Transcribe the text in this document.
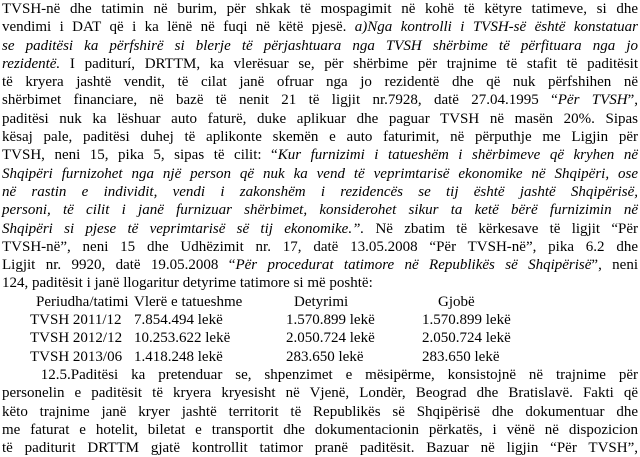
TVSH-në dhe tatimin në burim, për shkak të mospagimit në kohë të këtyre tatimeve, si dhe
vendimi i DAT që i ka lënë në fuqi në këtë pjesë. a)Nga kontrolli i TVSH-së është konstatuar
se paditësi ka përfshirë si blerje të përjashtuara nga TVSH shërbime të përfituara nga jo
rezidentë. I paditurí, DRTTM, ka vlerësuar se, për shërbime për trajnime të stafit të paditësit
të kryera jashtë vendit, të cilat janë ofruar nga jo rezidentë dhe që nuk përfshihen në
shërbimet financiare, në bazë të nenit 21 të ligjit nr.7928, datë 27.04.1995 “Për TVSH”,
paditësi nuk ka lëshuar auto faturë, duke aplikuar dhe paguar TVSH në masën 20%. Sipas
kësaj pale, paditësi duhej të aplikonte skemën e auto faturimit, në përputhje me Ligjin për
TVSH, neni 15, pika 5, sipas të cilit: “Kur furnizimi i tatueshëm i shërbimeve që kryhen në
Shqipëri furnizohet nga një person që nuk ka vend të veprimtarisë ekonomike në Shqipëri, ose
në rastin e individit, vendi i zakonshëm i rezidencës se tij është jashtë Shqipërisë,
personi, të cilit i janë furnizuar shërbimet, konsiderohet sikur ta ketë bërë furnizimin në
Shqipëri si pjese të veprimtarisë së tij ekonomike.”. Në zbatim të kërkesave të ligjit “Për
TVSH-në”, neni 15 dhe Udhëzimit nr. 17, datë 13.05.2008 “Për TVSH-në”, pika 6.2 dhe
Ligjit nr. 9920, datë 19.05.2008 “Për procedurat tatimore në Republikës së Shqipërisë”, neni
124, paditësit i janë llogaritur detyrime tatimore si më poshtë:
Periudha/tatimi Vlerë e tatueshme	Detyrimi	Gjobë
TVSH 2011/12 7.854.494 lekë	1.570.899 lekë	1.570.899 lekë
TVSH 2012/12 10.253.622 lekë	2.050.724 lekë	2.050.724 lekë
TVSH 2013/06 1.418.248 lekë	283.650 lekë	283.650 lekë
12.5.Paditësi ka pretenduar se, shpenzimet e mësipërme, konsistojnë në trajnime për
personelin e paditësit të kryera kryesisht në Vjenë, Londër, Beograd dhe Bratislavë. Fakti që
këto trajnime janë kryer jashtë territorit të Republikës së Shqipërisë dhe dokumentuar dhe
me faturat e hotelit, biletat e transportit dhe dokumentacionin përkatës, i vënë në dispozicion
të paditurit DRTTM gjatë kontrollit tatimor pranë paditësit. Bazuar në ligjin “Për TVSH”,
